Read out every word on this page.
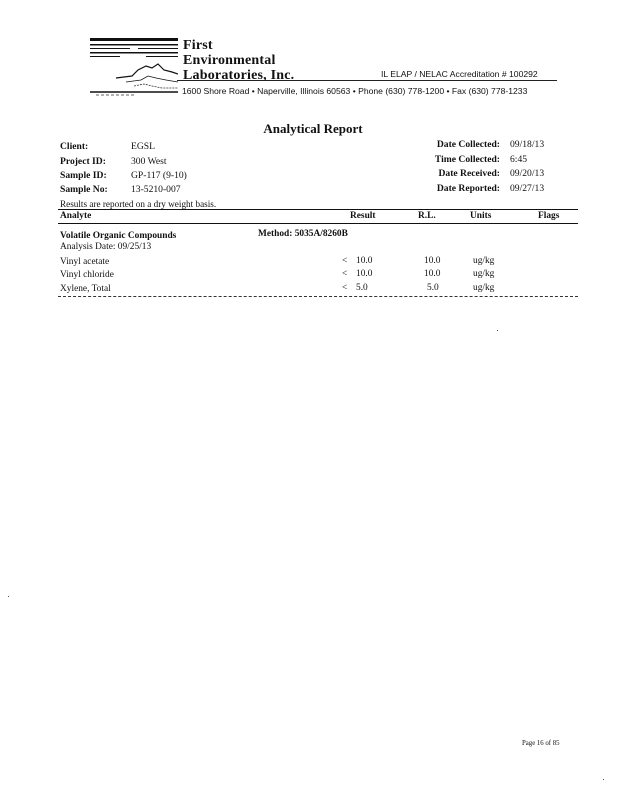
First
Environmental
Laboratories, Inc.	IL ELAP / NELAC Accreditation # 100292
1600 Shore Road • Naperville, Illinois 60563 • Phone (630) 778-1200 • Fax (630) 778-1233
Analytical Report
Client:	EGSL
Project ID:	300 West
Sample ID:	GP-117 (9-10)
Sample No: 13-5210-007
Date Collected: 09/18/13
Time Collected: 6:45
Date Received: 09/20/13
Date Reported: 09/27/13
Results are reported on a dry weight basis.
Analyte	Result	R.L.	Units	Flags
Volatile Organic Compounds	Method: 5035A/8260B
Analysis Date: 09/25/13
Vinyl acetate	< 10.0	10.0	ug/kg
Vinyl chloride	< 10.0	10.0	ug/kg
Xylene, Total	< 5.0	5.0	ug/kg
Page 16 of 85
